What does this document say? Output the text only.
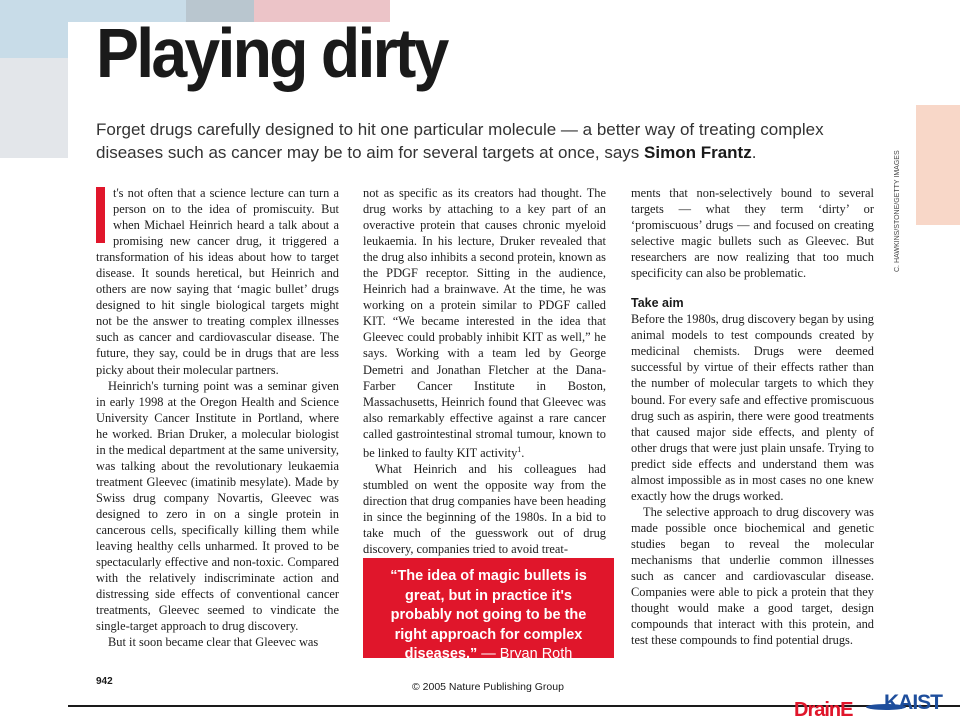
Playing dirty

Forget drugs carefully designed to hit one particular molecule — a better way of treating complex diseases such as cancer may be to aim for several targets at once, says Simon Frantz.	C. HAWKINS/STONE/GETTY IMAGES

t's not often that a science lecture can turn a person on to the idea of promiscuity. But when Michael Heinrich heard a talk about a promising new cancer drug, it triggered a transformation of his ideas about how to target disease. It sounds heretical, but Heinrich and others are now saying that ‘magic bullet’ drugs designed to hit single biological targets might not be the answer to treating complex illnesses such as cancer and cardiovascular disease. The future, they say, could be in drugs that are less picky about their molecular partners.

Heinrich's turning point was a seminar given in early 1998 at the Oregon Health and Science University Cancer Institute in Portland, where he worked. Brian Druker, a molecular biologist in the medical department at the same university, was talking about the revolutionary leukaemia treatment Gleevec (imatinib mesylate). Made by Swiss drug company Novartis, Gleevec was designed to zero in on a single protein in cancerous cells, specifically killing them while leaving healthy cells unharmed. It proved to be spectacularly effective and non-toxic. Compared with the relatively indiscriminate action and distressing side effects of conventional cancer treatments, Gleevec seemed to vindicate the single-target approach to drug discovery.

But it soon became clear that Gleevec was

not as specific as its creators had thought. The drug works by attaching to a key part of an overactive protein that causes chronic myeloid leukaemia. In his lecture, Druker revealed that the drug also inhibits a second protein, known as the PDGF receptor. Sitting in the audience, Heinrich had a brainwave. At the time, he was working on a protein similar to PDGF called KIT. “We became interested in the idea that Gleevec could probably inhibit KIT as well,” he says. Working with a team led by George Demetri and Jonathan Fletcher at the Dana-Farber Cancer Institute in Boston, Massachusetts, Heinrich found that Gleevec was also remarkably effective against a rare cancer called gastrointestinal stromal tumour, known to be linked to faulty KIT activity$^1$.

What Heinrich and his colleagues had stumbled on went the opposite way from the direction that drug companies have been heading in since the beginning of the 1980s. In a bid to take much of the guesswork out of drug discovery, companies tried to avoid treat-

“The idea of magic bullets is great, but in practice it's probably not going to be the right approach for complex diseases.” — Bryan Roth

ments that non-selectively bound to several targets — what they term ‘dirty’ or ‘promiscuous’ drugs — and focused on creating selective magic bullets such as Gleevec. But researchers are now realizing that too much specificity can also be problematic.

Take aim

Before the 1980s, drug discovery began by using animal models to test compounds created by medicinal chemists. Drugs were deemed successful by virtue of their effects rather than the number of molecular targets to which they bound. For every safe and effective promiscuous drug such as aspirin, there were good treatments that caused major side effects, and plenty of other drugs that were just plain unsafe. Trying to predict side effects and understand them was almost impossible as in most cases no one knew exactly how the drugs worked.

The selective approach to drug discovery was made possible once biochemical and genetic studies began to reveal the molecular mechanisms that underlie common illnesses such as cancer and cardiovascular disease. Companies were able to pick a protein that they thought would make a good target, design compounds that interact with this protein, and test these compounds to find potential drugs.

942	© 2005 Nature Publishing Group
DrainE KAIST
